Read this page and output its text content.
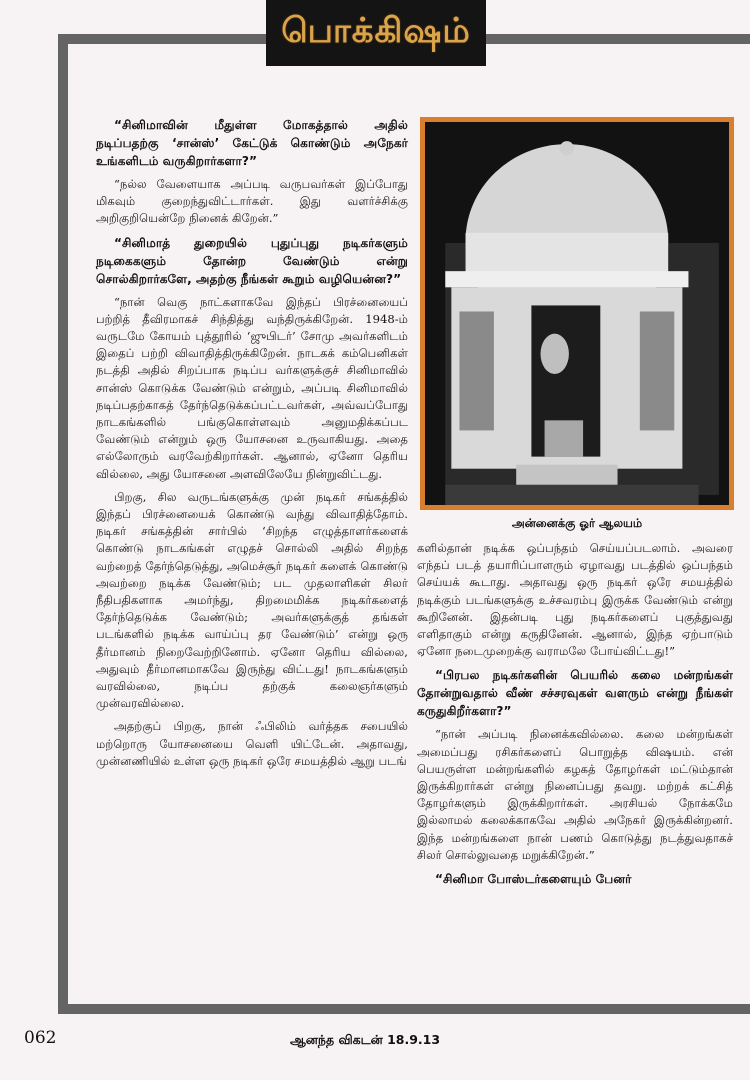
பொக்கிஷம்

“சினிமாவின் மீதுள்ள மோகத்தால் அதில் நடிப்பதற்கு ‘சான்ஸ்’ கேட்டுக் கொண்டும் அநேகர் உங்களிடம் வருகிறார்களா?”

“நல்ல வேளையாக அப்படி வருபவர்கள் இப்போது மிகவும் குறைந்துவிட்டார்கள். இது வளர்ச்சிக்கு அறிகுறியென்றே நினைக் கிறேன்.”

“சினிமாத் துறையில் புதுப்புது நடிகர்களும் நடிகைகளும் தோன்ற வேண்டும் என்று சொல்கிறார்களே, அதற்கு நீங்கள் கூறும் வழியென்ன?”

“நான் வெகு நாட்களாகவே இந்தப் பிரச்னையைப் பற்றித் தீவிரமாகச் சிந்தித்து வந்திருக்கிறேன். 1948-ம் வருடமே கோயம் புத்தூரில் ‘ஜுபிடர்’ சோமு அவர்களிடம் இதைப் பற்றி விவாதித்திருக்கிறேன். நாடகக் கம்பெனிகள் நடத்தி அதில் சிறப்பாக நடிப்ப வர்களுக்குச் சினிமாவில் சான்ஸ் கொடுக்க வேண்டும் என்றும், அப்படி சினிமாவில் நடிப்பதற்காகத் தேர்ந்தெடுக்கப்பட்டவர்கள், அவ்வப்போது நாடகங்களில் பங்குகொள்ளவும் அனுமதிக்கப்பட வேண்டும் என்றும் ஒரு யோசனை உருவாகியது. அதை எல்லோரும் வரவேற்கிறார்கள். ஆனால், ஏனோ தெரிய வில்லை, அது யோசனை அளவிலேயே நின்றுவிட்டது.

பிறகு, சில வருடங்களுக்கு முன் நடிகர் சங்கத்தில் இந்தப் பிரச்னையைக் கொண்டு வந்து விவாதித்தோம். நடிகர் சங்கத்தின் சார்பில் ‘சிறந்த எழுத்தாளர்களைக் கொண்டு நாடகங்கள் எழுதச் சொல்லி அதில் சிறந்த வற்றைத் தேர்ந்தெடுத்து, அமெச்சூர் நடிகர் களைக் கொண்டு அவற்றை நடிக்க வேண்டும்; பட முதலாளிகள் சிலர் நீதிபதிகளாக அமர்ந்து, திறமைமிக்க நடிகர்களைத் தேர்ந்தெடுக்க வேண்டும்; அவர்களுக்குத் தங்கள் படங்களில் நடிக்க வாய்ப்பு தர வேண்டும்’ என்று ஒரு தீர்மானம் நிறைவேற்றினோம். ஏனோ தெரிய வில்லை, அதுவும் தீர்மானமாகவே இருந்து விட்டது! நாடகங்களும் வரவில்லை, நடிப்ப தற்குக் கலைஞர்களும் முன்வரவில்லை.

அதற்குப் பிறகு, நான் ஃபிலிம் வர்த்தக சபையில் மற்றொரு யோசனையை வெளி யிட்டேன். அதாவது, முன்னணியில் உள்ள ஒரு நடிகர் ஒரே சமயத்தில் ஆறு படங்

அன்னைக்கு ஓர் ஆலயம்

களில்தான் நடிக்க ஒப்பந்தம் செய்யப்படலாம். அவரை எந்தப் படத் தயாரிப்பாளரும் ஏழாவது படத்தில் ஒப்பந்தம் செய்யக் கூடாது. அதாவது ஒரு நடிகர் ஒரே சமயத்தில் நடிக்கும் படங்களுக்கு உச்சவரம்பு இருக்க வேண்டும் என்று கூறினேன். இதன்படி புது நடிகர்களைப் புகுத்துவது எளிதாகும் என்று கருதினேன். ஆனால், இந்த ஏற்பாடும் ஏனோ நடைமுறைக்கு வராமலே போய்விட்டது!”

“பிரபல நடிகர்களின் பெயரில் கலை மன்றங்கள் தோன்றுவதால் வீண் சச்சரவுகள் வளரும் என்று நீங்கள் கருதுகிறீர்களா?”

“நான் அப்படி நினைக்கவில்லை. கலை மன்றங்கள் அமைப்பது ரசிகர்களைப் பொறுத்த விஷயம். என் பெயருள்ள மன்றங்களில் கழகத் தோழர்கள் மட்டும்தான் இருக்கிறார்கள் என்று நினைப்பது தவறு. மற்றக் கட்சித் தோழர்களும் இருக்கிறார்கள். அரசியல் நோக்கமே இல்லாமல் கலைக்காகவே அதில் அநேகர் இருக்கின்றனர். இந்த மன்றங்களை நான் பணம் கொடுத்து நடத்துவதாகச் சிலர் சொல்லுவதை மறுக்கிறேன்.”

“சினிமா போஸ்டர்களையும் பேனர்

062	ஆனந்த விகடன் 18.9.13
